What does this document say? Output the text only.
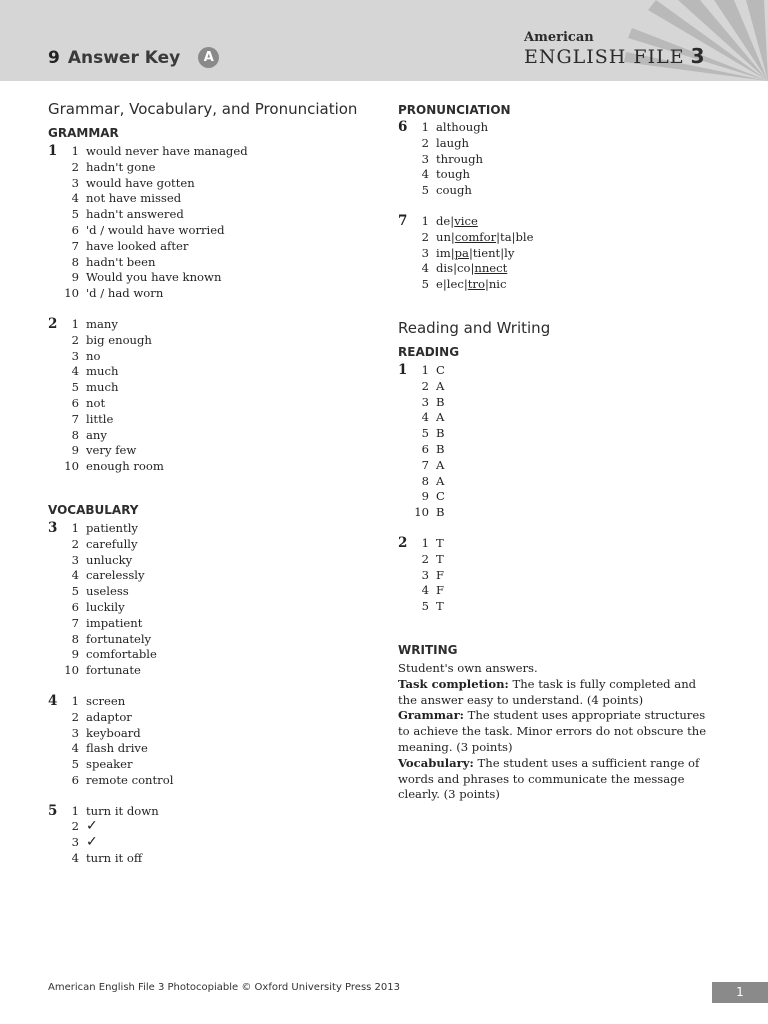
9 Answer Key	A
American
ENGLISH FILE 3
Grammar, Vocabulary, and Pronunciation
GRAMMAR
1	1 would never have managed
2 hadn't gone
3 would have gotten
4 not have missed
5 hadn't answered
6 'd / would have worried
7 have looked after
8 hadn't been
9 Would you have known
10 'd / had worn
2	1 many
2 big enough
3 no
4 much
5 much
6 not
7 little
8 any
9 very few
10 enough room
VOCABULARY
3	1 patiently
2 carefully
3 unlucky
4 carelessly
5 useless
6 luckily
7 impatient
8 fortunately
9 comfortable
10 fortunate
4	1 screen
2 adaptor
3 keyboard
4 flash drive
5 speaker
6 remote control
5	1 turn it down
2 ✓
3 ✓
4 turn it off
PRONUNCIATION
6	1 although
2 laugh
3 through
4 tough
5 cough
7	1 de|vice
2 un|comfor|ta|ble
3 im|pa|tient|ly
4 dis|co|nnect
5 e|lec|tro|nic
Reading and Writing
READING
1	1 C
2 A
3 B
4 A
5 B
6 B
7 A
8 A
9 C
10 B
2	1 T
2 T
3 F
4 F
5 T
WRITING

Student's own answers.

Task completion: The task is fully completed and the answer easy to understand. (4 points)

Grammar: The student uses appropriate structures to achieve the task. Minor errors do not obscure the meaning. (3 points)

Vocabulary: The student uses a sufficient range of words and phrases to communicate the message clearly. (3 points)

American English File 3 Photocopiable © Oxford University Press 2013	1
